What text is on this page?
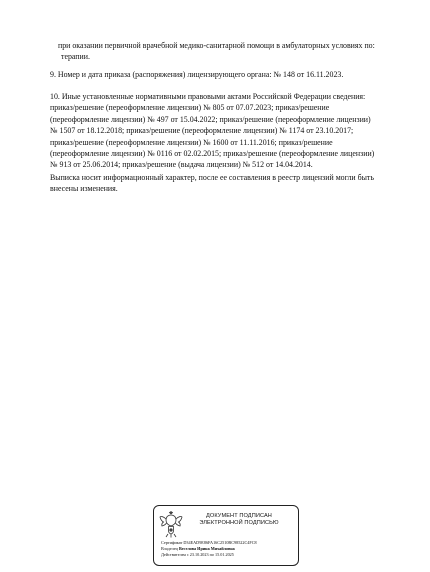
при оказании первичной врачебной медико-санитарной помощи в амбулаторных условиях по:
терапии.

9. Номер и дата приказа (распоряжения) лицензирующего органа: № 148 от 16.11.2023.

10. Иные установленные нормативными правовыми актами Российской Федерации сведения:
приказ/решение (переоформление лицензии) № 805 от 07.07.2023; приказ/решение
(переоформление лицензии) № 497 от 15.04.2022; приказ/решение (переоформление лицензии)
№ 1507 от 18.12.2018; приказ/решение (переоформление лицензии) № 1174 от 23.10.2017;
приказ/решение (переоформление лицензии) № 1600 от 11.11.2016; приказ/решение
(переоформление лицензии) № 0116 от 02.02.2015; приказ/решение (переоформление лицензии)
№ 913 от 25.06.2014; приказ/решение (выдача лицензии) № 512 от 14.04.2014.

Выписка носит информационный характер, после ее составления в реестр лицензий могли быть
внесены изменения.

ДОКУМЕНТ ПОДПИСАН
ЭЛЕКТРОННОЙ ПОДПИСЬЮ
Сертификат D34EAD9E86FA16C2510BC98522C4FC8
Владелец Веселова Ирина Михайловна
Действителен с 23.10.2023 по 15.01.2025
